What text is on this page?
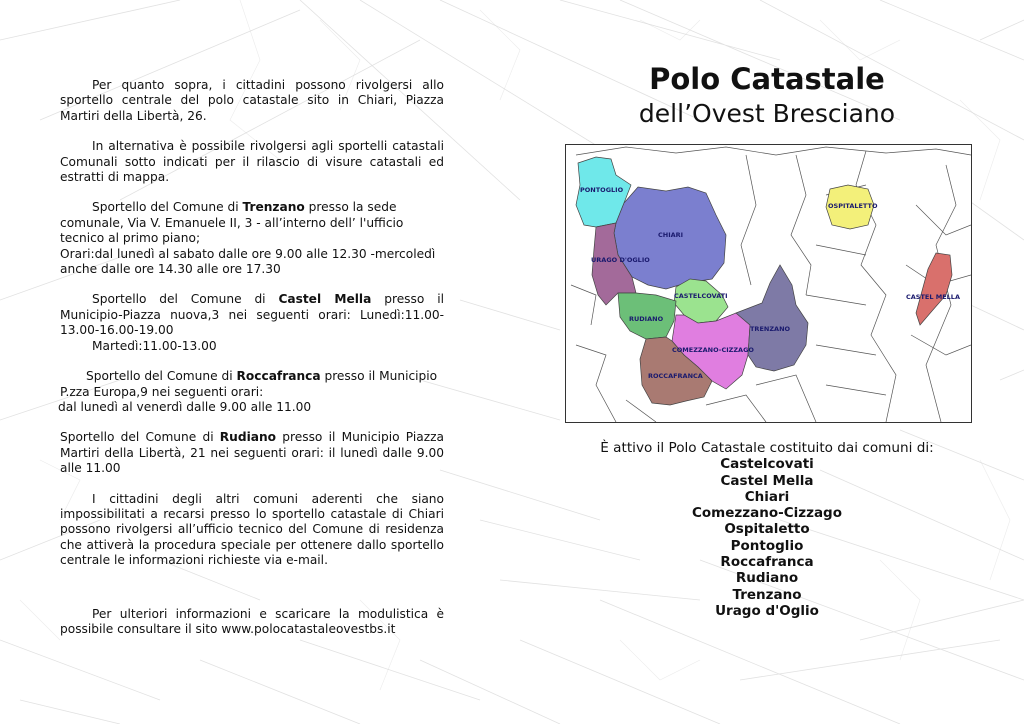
Per quanto sopra, i cittadini possono rivolgersi allo sportello centrale del polo catastale sito in Chiari, Piazza Martiri della Libertà, 26.

In alternativa è possibile rivolgersi agli sportelli catastali Comunali sotto indicati per il rilascio di visure catastali ed estratti di mappa.

Sportello del Comune di Trenzano presso la sede comunale, Via V. Emanuele II, 3 - all’interno dell’ l'ufficio tecnico al primo piano;
Orari:dal lunedì al sabato dalle ore 9.00 alle 12.30 -mercoledì anche dalle ore 14.30 alle ore 17.30

Sportello del Comune di Castel Mella presso il Municipio-Piazza nuova,3 nei seguenti orari: Lunedì:11.00-13.00-16.00-19.00
Martedì:11.00-13.00

Sportello del Comune di Roccafranca presso il Municipio
P.zza Europa,9 nei seguenti orari:
dal lunedì al venerdì dalle 9.00 alle 11.00

Sportello del Comune di Rudiano presso il Municipio Piazza Martiri della Libertà, 21 nei seguenti orari: il lunedì dalle 9.00 alle 11.00

I cittadini degli altri comuni aderenti che siano impossibilitati a recarsi presso lo sportello catastale di Chiari possono rivolgersi all’ufficio tecnico del Comune di residenza che attiverà la procedura speciale per ottenere dallo sportello centrale le informazioni richieste via e-mail.

Per ulteriori informazioni e scaricare la modulistica è possibile consultare il sito www.polocatastaleovestbs.it

Polo Catastale
dell’Ovest Bresciano
PONTOGLIO
CHIARI
URAGO D'OGLIO
CASTELCOVATI
RUDIANO
COMEZZANO-CIZZAGO
ROCCAFRANCA
TRENZANO
OSPITALETTO
CASTEL MELLA
È attivo il Polo Catastale costituito dai comuni di:
Castelcovati
Castel Mella
Chiari
Comezzano-Cizzago
Ospitaletto
Pontoglio
Roccafranca
Rudiano
Trenzano
Urago d'Oglio
